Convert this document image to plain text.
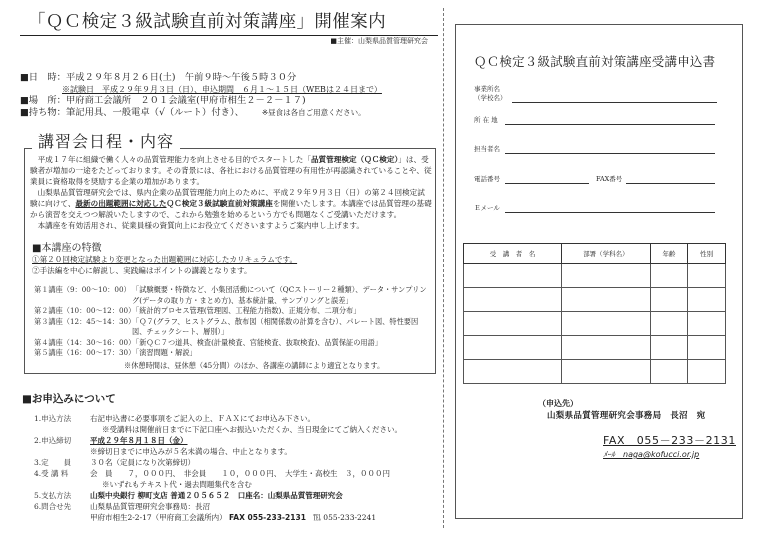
「ＱＣ検定３級試験直前対策講座」開催案内
■主催：山梨県品質管理研究会
■日　時：平成２９年８月２６日(土)　午前９時～午後５時３０分
※試験日　平成２９年９月３日（日）、申込期間　６月１～１５日（WEBは２４日まで）
■場　所：甲府商工会議所　２０１会議室(甲府市相生２－２－１７)
■持ち物：筆記用具、一般電卓（√（ルート）付き）、 ※昼食は各自ご用意ください。
講習会日程・内容

平成１７年に組織で働く人々の品質管理能力を向上させる目的でスタートした「品質管理検定（ＱＣ検定）」は、受験者が増加の一途をたどっております。その背景には、各社における品質管理の有用性が再認識されていることや、従業員に資格取得を奨励する企業の増加があります。

山梨県品質管理研究会では、県内企業の品質管理能力向上のために、平成２９年９月３日（日）の第２４回検定試験に向けて、最新の出題範囲に対応したＱＣ検定３級試験直前対策講座を開催いたします。本講座では品質管理の基礎から演習を交えつつ解説いたしますので、これから勉強を始めるという方でも問題なくご受講いただけます。

本講座を有効活用され、従業員様の資質向上にお役立てくださいますようご案内申し上げます。

■本講座の特徴
①第２０回検定試験より変更となった出題範囲に対応したカリキュラムです。
②手法編を中心に解説し、実践編はポイントの講義となります。
第１講座（9：00～10：00） 「試験概要・特徴など、小集団活動について（QCストーリー２種類）、データ・サンプリング(データの取り方・まとめ方)、基本統計量、サンプリングと誤差」
第２講座（10：00～12：00）
「統計的プロセス管理(管理図、工程能力指数)、正規分布、二項分布」
第３講座（12：45～14：30）
「Ｑ７(グラフ、ヒストグラム、散布図（相関係数の計算を含む）、パレート図、特性要因図、チェックシート、層別）」
第４講座（14：30～16：00）
「新ＱＣ７つ道具、検査(計量検査、官能検査、抜取検査)、品質保証の用語」
第５講座（16：00～17：30）
「演習問題・解説」
※休憩時間は、昼休憩（45分間）のほか、各講座の講師により適宜となります。
■お申込みについて
1.申込方法	右記申込書に必要事項をご記入の上、ＦＡＸにてお申込み下さい。
※受講料は開催前日までに下記口座へお振込いただくか、当日現金にてご納入ください。
2.申込締切	平成２９年８月１８日（金）
※締切日までに申込みが５名未満の場合、中止となります。
3.定　　員	３０名（定員になり次第締切）
4.受 講 料	会　員　　７，０００円、　非会員　　１０，０００円、　大学生・高校生　３，０００円
※いずれもテキスト代・過去問題集代を含む
5.支払方法	山梨中央銀行 柳町支店 普通２０５６５２　口座名：山梨県品質管理研究会
6.問合せ先	山梨県品質管理研究会事務局：長沼
甲府市相生2-2-17（甲府商工会議所内） FAX 055-233-2131　 ℡ 055-233-2241
ＱＣ検定３級試験直前対策講座受講申込書
事業所名
（学校名）
所 在 地
担当者名
電話番号	FAX番号
Ｅメール
受　講　者　名	部署（学科名）	年齢	性別

（申込先）
山梨県品質管理研究会事務局　長沼　宛
FAX　055－233－2131
ﾒｰﾙ　 naga@kofucci.or.jp
